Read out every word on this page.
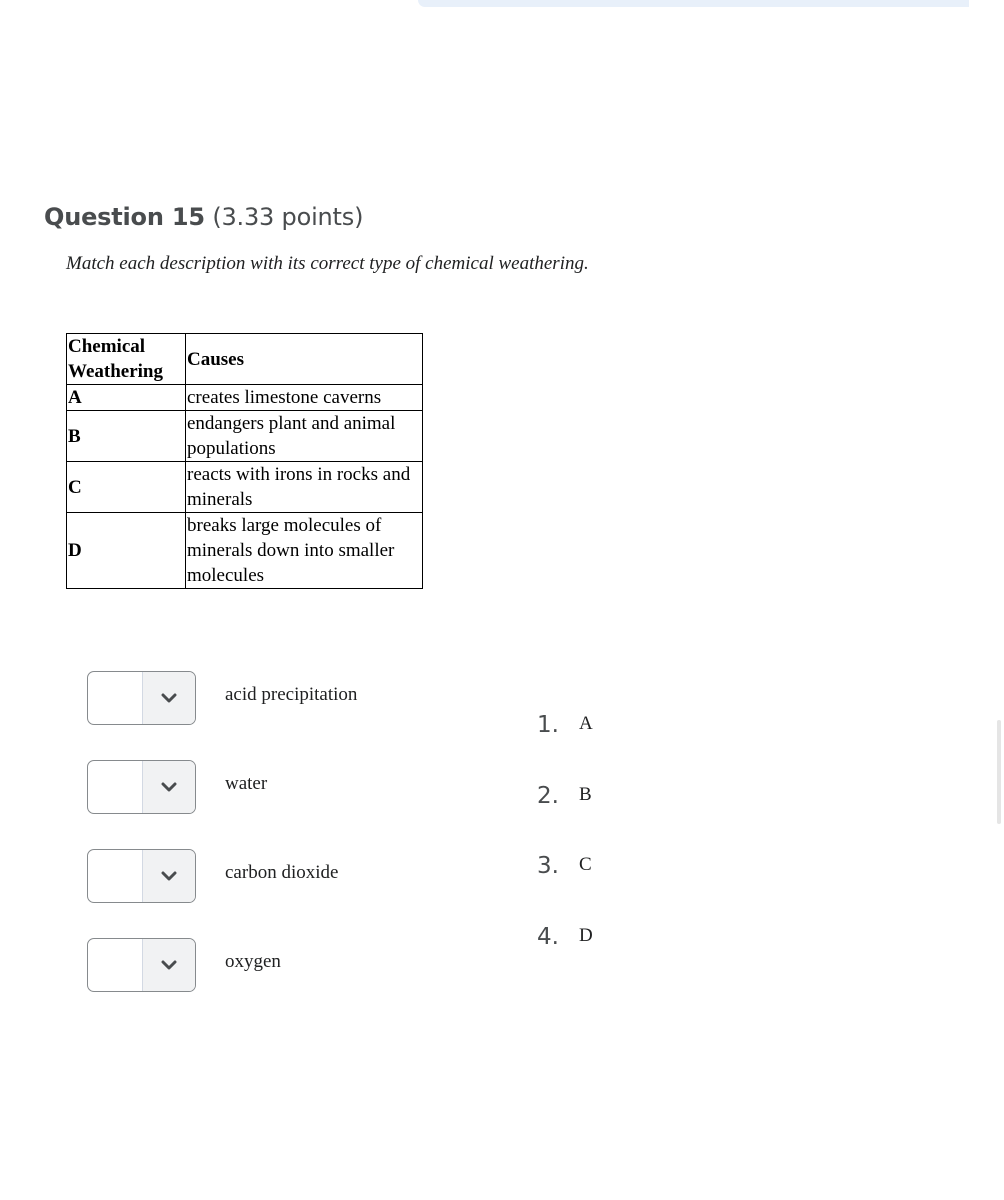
Question 15 (3.33 points)
Match each description with its correct type of chemical weathering.
Chemical Weathering	Causes
A	creates limestone caverns
B	endangers plant and animal populations
C	reacts with irons in rocks and minerals
D	breaks large molecules of minerals down into smaller molecules
acid precipitation
water
carbon dioxide
oxygen
1. A
2. B
3. C
4. D
